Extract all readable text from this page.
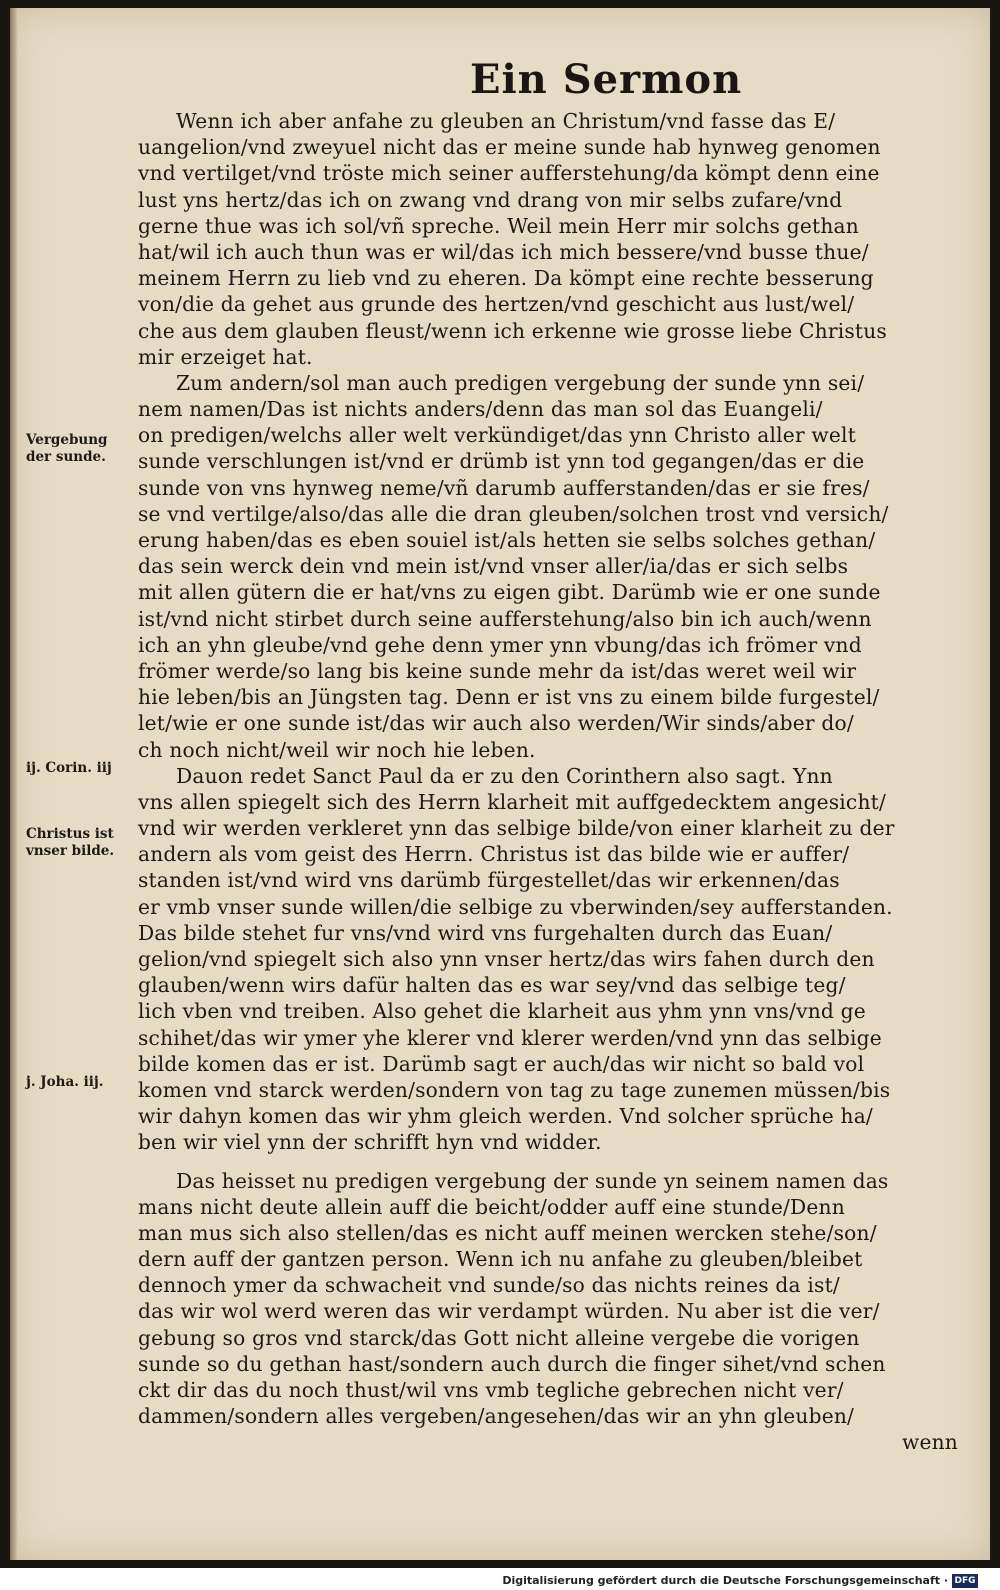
Ein Sermon
Vergebung
der sunde.
ij. Corin. iij
Christus ist
vnser bilde.
j. Joha. iij.
Wenn ich aber anfahe zu gleuben an Christum/vnd fasse das E/
uangelion/vnd zweyuel nicht das er meine sunde hab hynweg genomen
vnd vertilget/vnd tröste mich seiner aufferstehung/da kömpt denn eine
lust yns hertz/das ich on zwang vnd drang von mir selbs zufare/vnd
gerne thue was ich sol/vñ spreche. Weil mein Herr mir solchs gethan
hat/wil ich auch thun was er wil/das ich mich bessere/vnd busse thue/
meinem Herrn zu lieb vnd zu eheren. Da kömpt eine rechte besserung
von/die da gehet aus grunde des hertzen/vnd geschicht aus lust/wel/
che aus dem glauben fleust/wenn ich erkenne wie grosse liebe Christus
mir erzeiget hat.
Zum andern/sol man auch predigen vergebung der sunde ynn sei/
nem namen/Das ist nichts anders/denn das man sol das Euangeli/
on predigen/welchs aller welt verkündiget/das ynn Christo aller welt
sunde verschlungen ist/vnd er drümb ist ynn tod gegangen/das er die
sunde von vns hynweg neme/vñ darumb aufferstanden/das er sie fres/
se vnd vertilge/also/das alle die dran gleuben/solchen trost vnd versich/
erung haben/das es eben souiel ist/als hetten sie selbs solches gethan/
das sein werck dein vnd mein ist/vnd vnser aller/ia/das er sich selbs
mit allen gütern die er hat/vns zu eigen gibt. Darümb wie er one sunde
ist/vnd nicht stirbet durch seine aufferstehung/also bin ich auch/wenn
ich an yhn gleube/vnd gehe denn ymer ynn vbung/das ich frömer vnd
frömer werde/so lang bis keine sunde mehr da ist/das weret weil wir
hie leben/bis an Jüngsten tag. Denn er ist vns zu einem bilde furgestel/
let/wie er one sunde ist/das wir auch also werden/Wir sinds/aber do/
ch noch nicht/weil wir noch hie leben.
Dauon redet Sanct Paul da er zu den Corinthern also sagt. Ynn
vns allen spiegelt sich des Herrn klarheit mit auffgedecktem angesicht/
vnd wir werden verkleret ynn das selbige bilde/von einer klarheit zu der
andern als vom geist des Herrn. Christus ist das bilde wie er auffer/
standen ist/vnd wird vns darümb fürgestellet/das wir erkennen/das
er vmb vnser sunde willen/die selbige zu vberwinden/sey aufferstanden.
Das bilde stehet fur vns/vnd wird vns furgehalten durch das Euan/
gelion/vnd spiegelt sich also ynn vnser hertz/das wirs fahen durch den
glauben/wenn wirs dafür halten das es war sey/vnd das selbige teg/
lich vben vnd treiben. Also gehet die klarheit aus yhm ynn vns/vnd ge
schihet/das wir ymer yhe klerer vnd klerer werden/vnd ynn das selbige
bilde komen das er ist. Darümb sagt er auch/das wir nicht so bald vol
komen vnd starck werden/sondern von tag zu tage zunemen müssen/bis
wir dahyn komen das wir yhm gleich werden. Vnd solcher sprüche ha/
ben wir viel ynn der schrifft hyn vnd widder.
Das heisset nu predigen vergebung der sunde yn seinem namen das
mans nicht deute allein auff die beicht/odder auff eine stunde/Denn
man mus sich also stellen/das es nicht auff meinen wercken stehe/son/
dern auff der gantzen person. Wenn ich nu anfahe zu gleuben/bleibet
dennoch ymer da schwacheit vnd sunde/so das nichts reines da ist/
das wir wol werd weren das wir verdampt würden. Nu aber ist die ver/
gebung so gros vnd starck/das Gott nicht alleine vergebe die vorigen
sunde so du gethan hast/sondern auch durch die finger sihet/vnd schen
ckt dir das du noch thust/wil vns vmb tegliche gebrechen nicht ver/
dammen/sondern alles vergeben/angesehen/das wir an yhn gleuben/
wenn
Digitalisierung gefördert durch die Deutsche Forschungsgemeinschaft · DFG
